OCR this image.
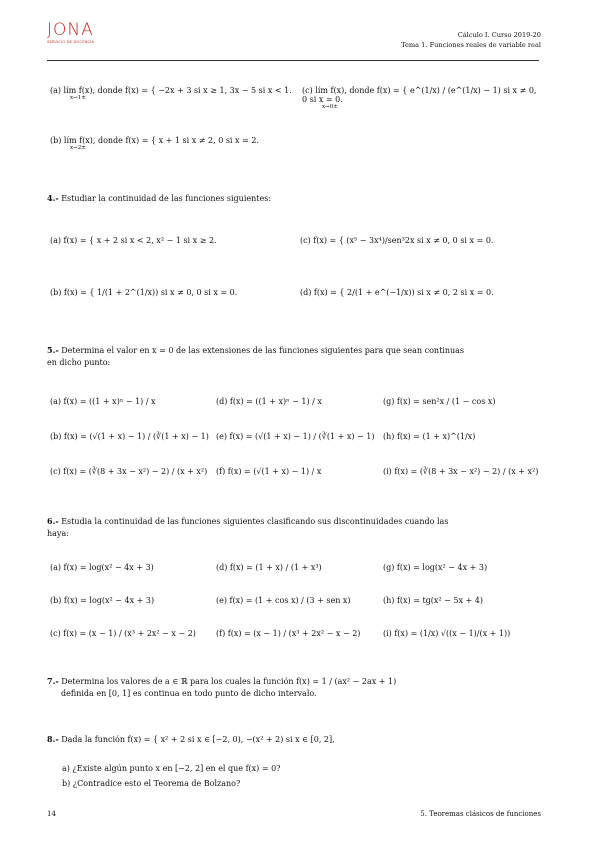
JONA
SERVICIO DE DOCENCIA
Cálculo I. Curso 2019-20
Tema 1. Funciones reales de variable real
(a) lím f(x), donde f(x) = { −2x + 3 si x ≥ 1, 3x − 5 si x < 1.
x→1±
(c) lím f(x), donde f(x) = { e^(1/x) / (e^(1/x) − 1) si x ≠ 0, 0 si x = 0.
x→0±
(b) lím f(x), donde f(x) = { x + 1 si x ≠ 2, 0 si x = 2.
x→2±
4.- Estudiar la continuidad de las funciones siguientes:
(a) f(x) = { x + 2 si x < 2, x² − 1 si x ≥ 2.	(c) f(x) = { (x⁵ − 3x⁴)/sen³2x si x ≠ 0, 0 si x = 0.
(b) f(x) = { 1/(1 + 2^(1/x)) si x ≠ 0, 0 si x = 0.	(d) f(x) = { 2/(1 + e^(−1/x)) si x ≠ 0, 2 si x = 0.
5.- Determina el valor en x = 0 de las extensiones de las funciones siguientes para que sean continuas
en dicho punto:
(a) f(x) = ((1 + x)ⁿ − 1) / x	(d) f(x) = ((1 + x)ⁿ − 1) / x	(g) f(x) = sen²x / (1 − cos x)
(b) f(x) = (√(1 + x) − 1) / (∛(1 + x) − 1) (e) f(x) = (√(1 + x) − 1) / (∛(1 + x) − 1) (h) f(x) = (1 + x)^(1/x)
(c) f(x) = (∛(8 + 3x − x²) − 2) / (x + x²) (f) f(x) = (√(1 + x) − 1) / x	(i) f(x) = (∛(8 + 3x − x²) − 2) / (x + x²)
6.- Estudia la continuidad de las funciones siguientes clasificando sus discontinuidades cuando las
haya:
(a) f(x) = log(x² − 4x + 3)	(d) f(x) = (1 + x) / (1 + x³)	(g) f(x) = log(x² − 4x + 3)
(b) f(x) = log(x² − 4x + 3)	(e) f(x) = (1 + cos x) / (3 + sen x)	(h) f(x) = tg(x² − 5x + 4)
(c) f(x) = (x − 1) / (x³ + 2x² − x − 2)	(f) f(x) = (x − 1) / (x³ + 2x² − x − 2)	(i) f(x) = (1/x) √((x − 1)/(x + 1))
7.- Determina los valores de a ∈ ℝ para los cuales la función f(x) = 1 / (ax² − 2ax + 1)
definida en [0, 1] es continua en todo punto de dicho intervalo.
8.- Dada la función f(x) = { x² + 2 si x ∈ [−2, 0), −(x² + 2) si x ∈ [0, 2],
a) ¿Existe algún punto x en [−2, 2] en el que f(x) = 0?
b) ¿Contradice esto el Teorema de Bolzano?
14	5. Teoremas clásicos de funciones
